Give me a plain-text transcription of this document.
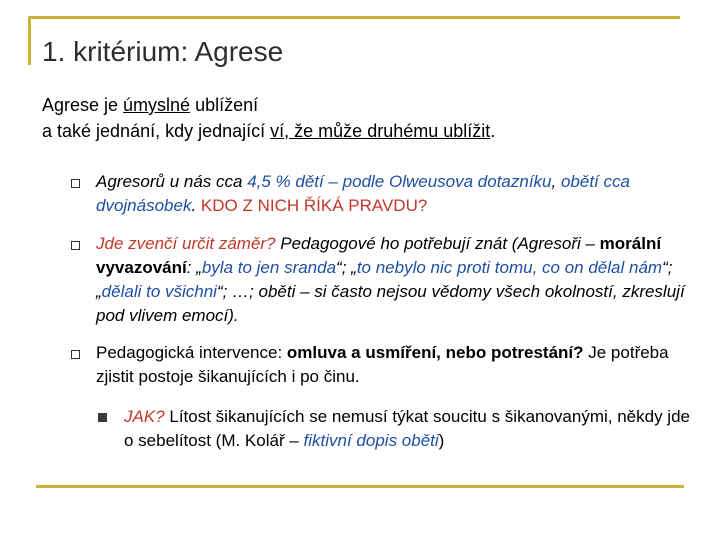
1. kritérium: Agrese
Agrese je úmyslné ublížení
a také jednání, kdy jednající ví, že může druhému ublížit.
Agresorů u nás cca 4,5 % dětí – podle Olweusova dotazníku, obětí cca dvojnásobek. KDO Z NICH ŘÍKÁ PRAVDU?
Jde zvenčí určit záměr? Pedagogové ho potřebují znát (Agresoři – morální vyvazování: „byla to jen sranda“; „to nebylo nic proti tomu, co on dělal nám“; „dělali to všichni“; …; oběti – si často nejsou vědomy všech okolností, zkreslují pod vlivem emocí).
Pedagogická intervence: omluva a usmíření, nebo potrestání? Je potřeba zjistit postoje šikanujících i po činu.
JAK? Lítost šikanujících se nemusí týkat soucitu s šikanovanými, někdy jde o sebelítost (M. Kolář – fiktivní dopis oběti)
